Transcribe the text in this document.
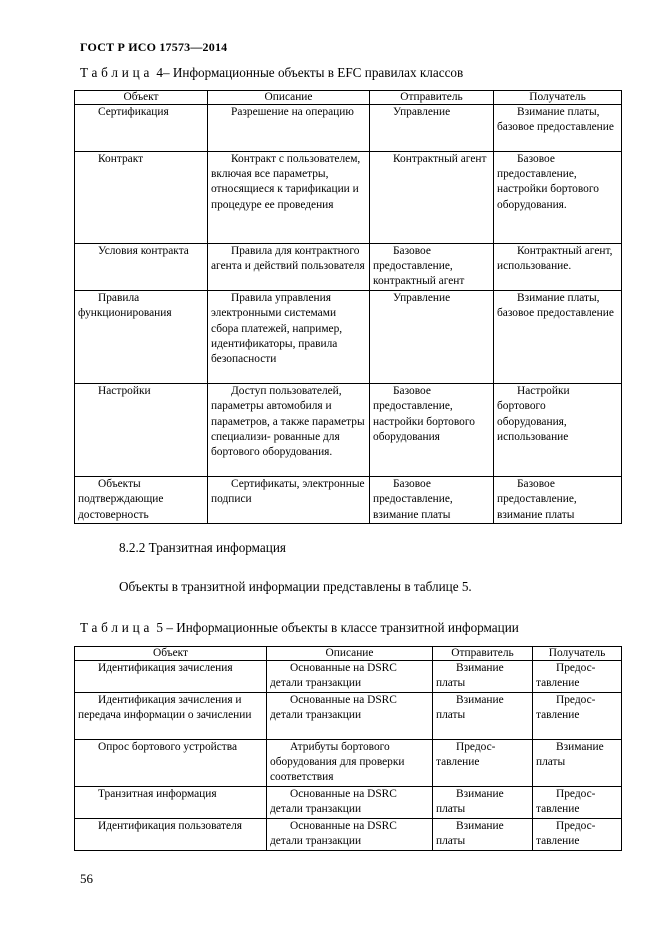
ГОСТ Р ИСО 17573—2014
Таблица 4– Информационные объекты в EFC правилах классов
Объект	Описание	Отправитель	Получатель
Сертификация	Разрешение на операцию	Управление	Взимание платы, базовое предоставление
Контракт	Контракт с пользователем, включая все параметры, относящиеся к тарификации и процедуре ее проведения	Контрактный агент	Базовое предоставление, настройки бортового оборудования.
Условия контракта	Правила для контрактного агента и действий пользователя	Базовое предоставление, контрактный агент	Контрактный агент, использование.
Правила функционирования	Правила управления электронными системами сбора платежей, например, идентификаторы, правила безопасности	Управление	Взимание платы, базовое предоставление
Настройки	Доступ пользователей, параметры автомобиля и параметров, а также параметры специализи- рованные для бортового оборудования.	Базовое предоставление, настройки бортового оборудования	Настройки бортового оборудования, использование
Объекты подтверждающие достоверность	Сертификаты, электронные подписи	Базовое предоставление, взимание платы	Базовое предоставление, взимание платы
8.2.2 Транзитная информация
Объекты в транзитной информации представлены в таблице 5.
Таблица 5 – Информационные объекты в классе транзитной информации
Объект	Описание	Отправитель	Получатель
Идентификация зачисления	Основанные на DSRC детали транзакции	Взимание платы	Предос- тавление
Идентификация зачисления и передача информации о зачислении	Основанные на DSRC детали транзакции	Взимание платы	Предос- тавление
Опрос бортового устройства	Атрибуты бортового оборудования для проверки соответствия	Предос- тавление	Взимание платы
Транзитная информация	Основанные на DSRC детали транзакции	Взимание платы	Предос- тавление
Идентификация пользователя	Основанные на DSRC детали транзакции	Взимание платы	Предос- тавление
56
